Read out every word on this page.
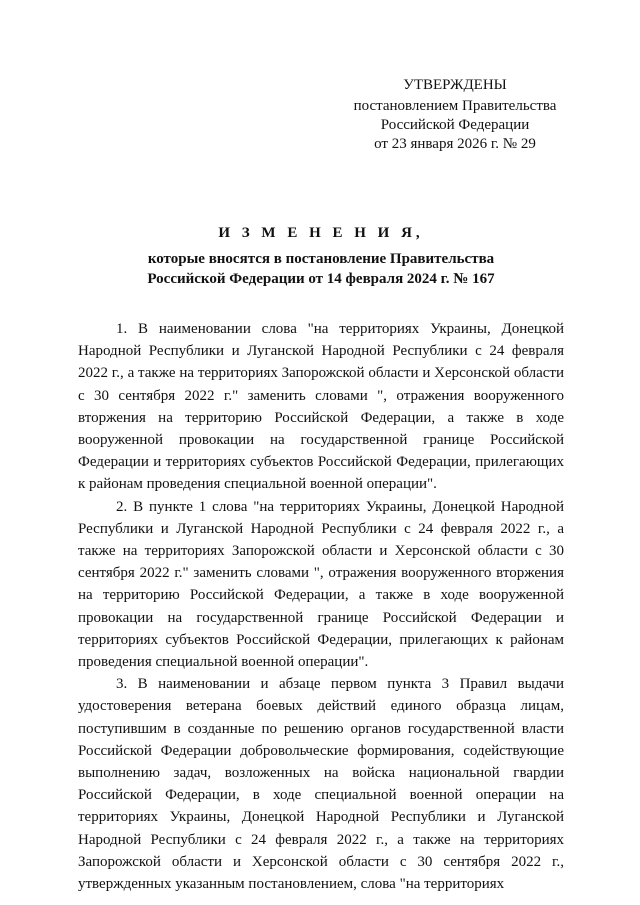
УТВЕРЖДЕНЫ
постановлением Правительства
Российской Федерации
от 23 января 2026 г. № 29
И З М Е Н Е Н И Я,
которые вносятся в постановление Правительства
Российской Федерации от 14 февраля 2024 г. № 167

1. В наименовании слова "на территориях Украины, Донецкой Народной Республики и Луганской Народной Республики с 24 февраля 2022 г., а также на территориях Запорожской области и Херсонской области с 30 сентября 2022 г." заменить словами ", отражения вооруженного вторжения на территорию Российской Федерации, а также в ходе вооруженной провокации на государственной границе Российской Федерации и территориях субъектов Российской Федерации, прилегающих к районам проведения специальной военной операции".

2. В пункте 1 слова "на территориях Украины, Донецкой Народной Республики и Луганской Народной Республики с 24 февраля 2022 г., а также на территориях Запорожской области и Херсонской области с 30 сентября 2022 г." заменить словами ", отражения вооруженного вторжения на территорию Российской Федерации, а также в ходе вооруженной провокации на государственной границе Российской Федерации и территориях субъектов Российской Федерации, прилегающих к районам проведения специальной военной операции".

3. В наименовании и абзаце первом пункта 3 Правил выдачи удостоверения ветерана боевых действий единого образца лицам, поступившим в созданные по решению органов государственной власти Российской Федерации добровольческие формирования, содействующие выполнению задач, возложенных на войска национальной гвардии Российской Федерации, в ходе специальной военной операции на территориях Украины, Донецкой Народной Республики и Луганской Народной Республики с 24 февраля 2022 г., а также на территориях Запорожской области и Херсонской области с 30 сентября 2022 г., утвержденных указанным постановлением, слова "на территориях
